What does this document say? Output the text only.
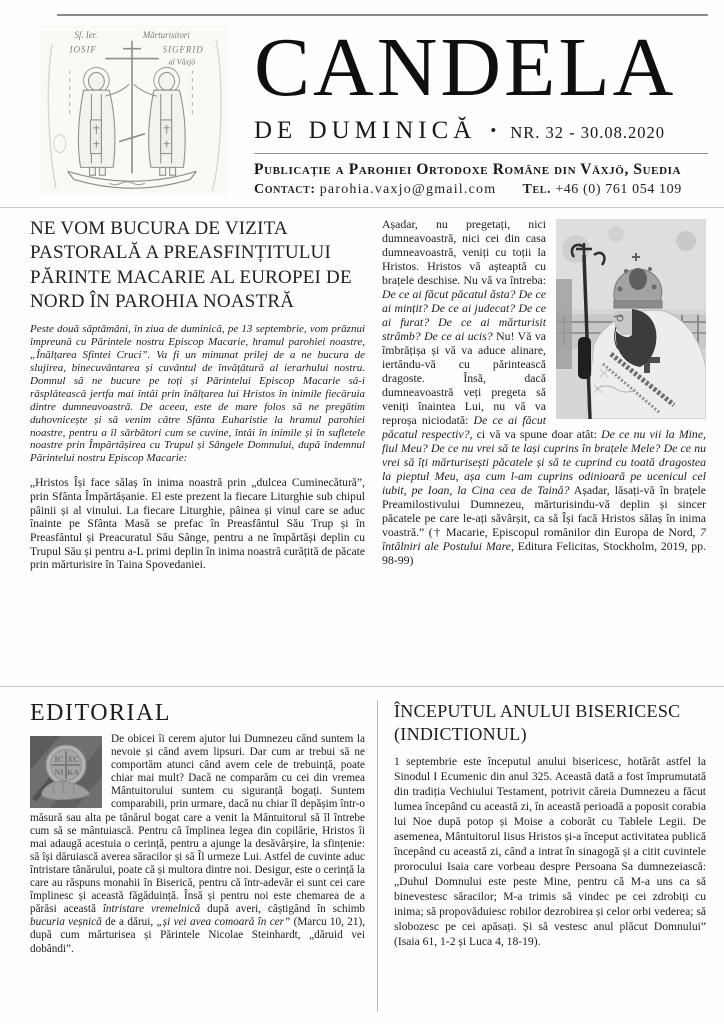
Sf. Ier.	Mărturisitori
IOSIF	SIGFRID
al Văxjö CANDELA
DE DUMINICĂ • NR. 32 - 30.08.2020
Publicație a Parohiei Ortodoxe Române din Växjö, Suedia
Contact: parohia.vaxjo@gmail.com Tel. +46 (0) 761 054 109
NE VOM BUCURA DE VIZITA PASTORALĂ A PREASFINȚITULUI PĂRINTE MACARIE AL EUROPEI DE NORD ÎN PAROHIA NOASTRĂ

Peste două săptămâni, în ziua de duminică, pe 13 septembrie, vom prăznui împreună cu Părintele nostru Episcop Macarie, hramul parohiei noastre, „Înălțarea Sfintei Cruci”. Va fi un minunat prilej de a ne bucura de slujirea, binecuvântarea și cuvântul de învățătură al ierarhului nostru. Domnul să ne bucure pe toți și Părintelui Episcop Macarie să-i răsplătească jertfa mai întâi prin înălțarea lui Hristos în inimile fiecăruia dintre dumneavoastră. De aceea, este de mare folos să ne pregătim duhovnicește și să venim către Sfânta Euharistie la hramul parohiei noastre, pentru a îl sărbători cum se cuvine, întâi în inimile și în sufletele noastre prin Împărtășirea cu Trupul și Sângele Domnului, după îndemnul Părintelui nostru Episcop Macarie:

„Hristos Își face sălaș în inima noastră prin „dulcea Cuminecătură”, prin Sfânta Împărtășanie. El este prezent la fiecare Liturghie sub chipul pâinii și al vinului. La fiecare Liturghie, pâinea și vinul care se aduc înainte pe Sfânta Masă se prefac în Preasfântul Său Trup și în Preasfântul și Preacuratul Său Sânge, pentru a ne împărtăși deplin cu Trupul Său și pentru a-L primi deplin în inima noastră curățită de păcate prin mărturisire în Taina Spovedaniei.

Așadar, nu pregetați, nici dumneavoastră, nici cei din casa dumneavoastră, veniți cu toții la Hristos. Hristos vă așteaptă cu brațele deschise. Nu vă va întreba: De ce ai făcut păcatul ăsta? De ce ai mințit? De ce ai judecat? De ce ai furat? De ce ai mărturisit strâmb? De ce ai ucis? Nu! Vă va îmbrățișa și vă va aduce alinare, iertându-vă cu părintească dragoste. Însă, dacă dumneavoastră veți pregeta să veniți înaintea Lui, nu vă va reproșa niciodată: De ce ai făcut păcatul respectiv?, ci vă va spune doar atât: De ce nu vii la Mine, fiul Meu? De ce nu vrei să te lași cuprins în brațele Mele? De ce nu vrei să îți mărturisești păcatele și să te cuprind cu toată dragostea la pieptul Meu, așa cum l-am cuprins odinioară pe ucenicul cel iubit, pe Ioan, la Cina cea de Taină? Așadar, lăsați-vă în brațele Preamilostivului Dumnezeu, mărturisindu-vă deplin și sincer păcatele pe care le-ați săvârșit, ca să Își facă Hristos sălaș în inima voastră.” († Macarie, Episcopul românilor din Europa de Nord, 7 întâlniri ale Postului Mare, Editura Felicitas, Stockholm, 2019, pp. 98-99)
EDITORIAL
IC XC
NI KA
De obicei îi cerem ajutor lui Dumnezeu când suntem la nevoie și când avem lipsuri. Dar cum ar trebui să ne comportăm atunci când avem cele de trebuință, poate chiar mai mult? Dacă ne comparăm cu cei din vremea Mântuitorului suntem cu siguranță bogați. Suntem comparabili, prin urmare, dacă nu chiar îl depășim într-o măsură sau alta pe tânărul bogat care a venit la Mântuitorul să îl întrebe cum să se mântuiască. Pentru că împlinea legea din copilărie, Hristos îi mai adaugă acestuia o cerință, pentru a ajunge la desăvârșire, la sfințenie: să își dăruiască averea săracilor și să Îl urmeze Lui. Astfel de cuvinte aduc întristare tânărului, poate că și multora dintre noi. Desigur, este o cerință la care au răspuns monahii în Biserică, pentru că într-adevăr ei sunt cei care împlinesc și această făgăduință. Însă și pentru noi este chemarea de a părăsi această întristare vremelnică după averi, câștigând în schimb bucuria veșnică de a dărui, „și vei avea comoară în cer” (Marcu 10, 21), după cum mărturisea și Părintele Nicolae Steinhardt, „dăruid vei dobândi”.
ÎNCEPUTUL ANULUI BISERICESC (INDICTIONUL)

1 septembrie este începutul anului bisericesc, hotărât astfel la Sinodul I Ecumenic din anul 325. Această dată a fost împrumutată din tradiția Vechiului Testament, potrivit căreia Dumnezeu a făcut lumea începând cu această zi, în această perioadă a poposit corabia lui Noe după potop și Moise a coborât cu Tablele Legii. De asemenea, Mântuitorul Iisus Hristos și-a început activitatea publică începând cu această zi, când a intrat în sinagogă și a citit cuvintele prorocului Isaia care vorbeau despre Persoana Sa dumnezeiască: „Duhul Domnului este peste Mine, pentru că M-a uns ca să binevestesc săracilor; M-a trimis să vindec pe cei zdrobiți cu inima; să propovăduiesc robilor dezrobirea și celor orbi vederea; să slobozesc pe cei apăsați. Și să vestesc anul plăcut Domnului” (Isaia 61, 1-2 și Luca 4, 18-19).
